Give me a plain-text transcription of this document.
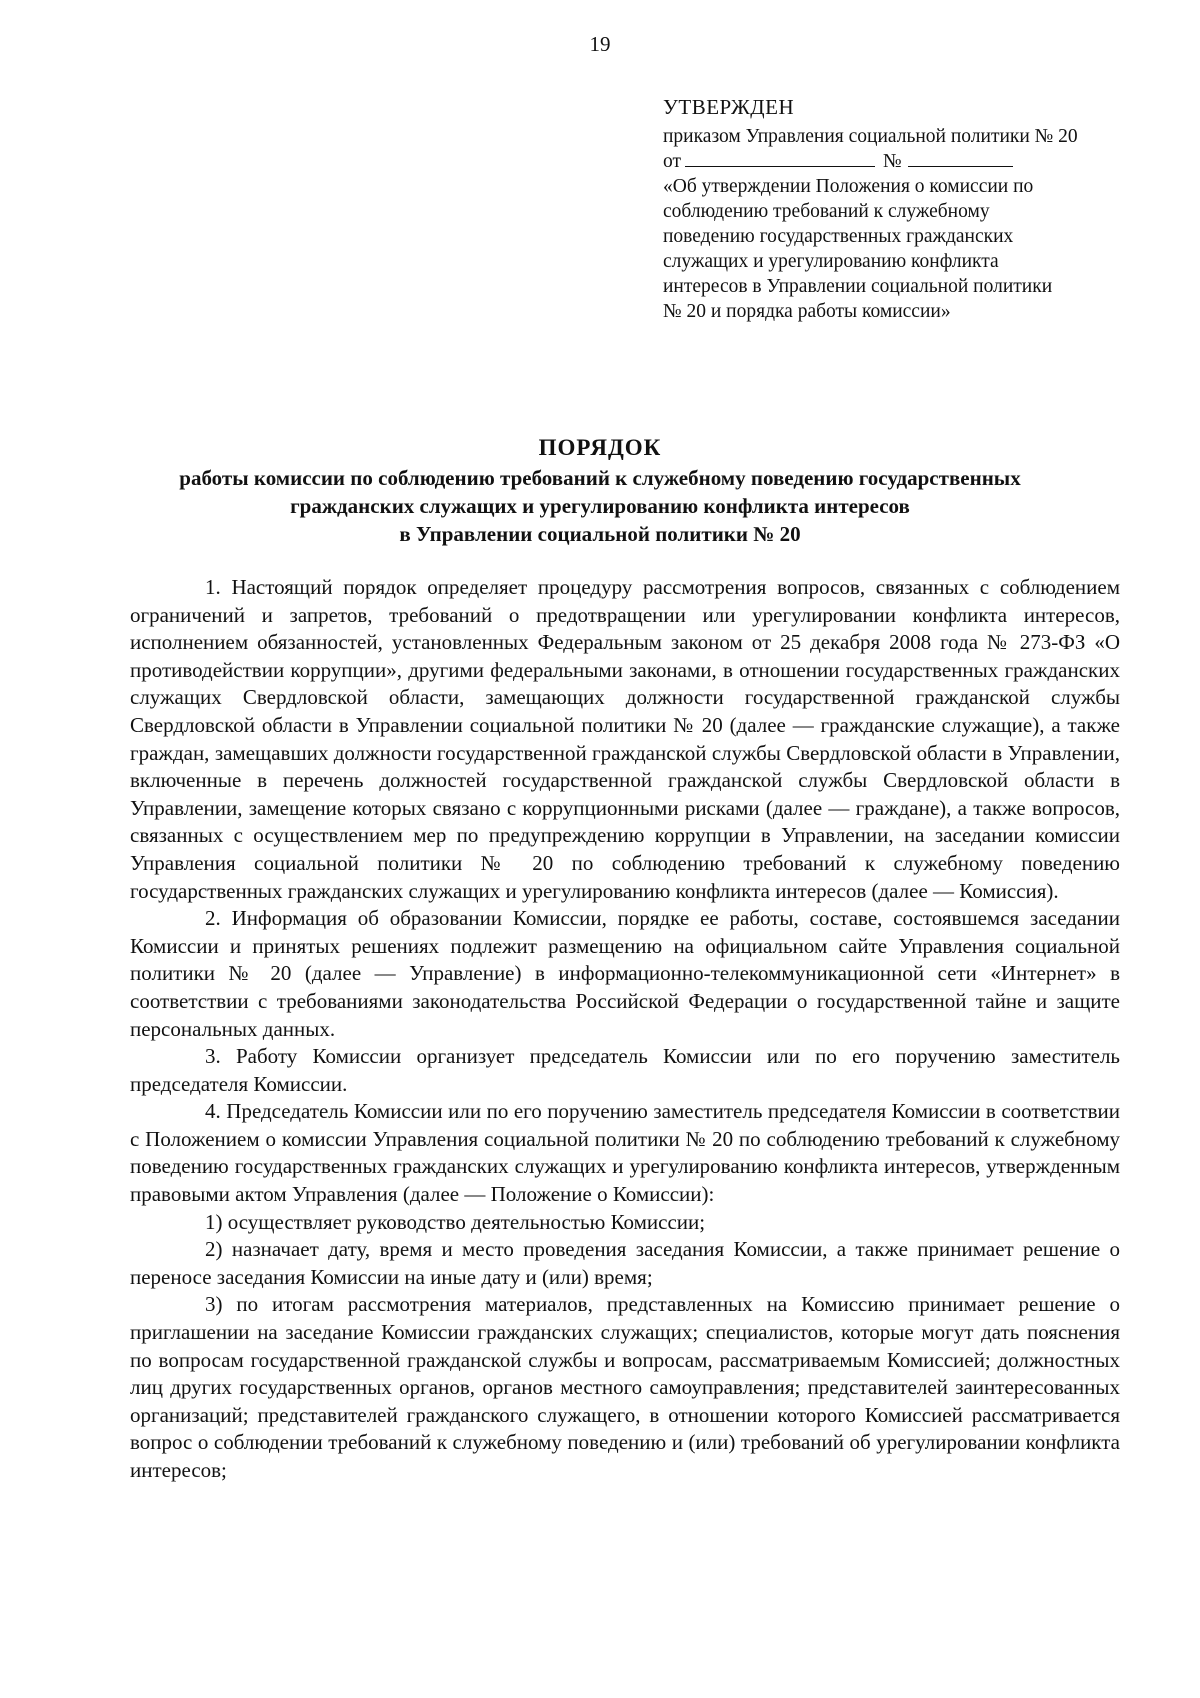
19
УТВЕРЖДЕН
приказом Управления социальной политики № 20
от	№
«Об утверждении Положения о комиссии по
соблюдению требований к служебному
поведению государственных гражданских
служащих и урегулированию конфликта
интересов в Управлении социальной политики
№ 20 и порядка работы комиссии»
ПОРЯДОК
работы комиссии по соблюдению требований к служебному поведению государственных
гражданских служащих и урегулированию конфликта интересов
в Управлении социальной политики № 20

1. Настоящий порядок определяет процедуру рассмотрения вопросов, связанных с соблюдением ограничений и запретов, требований о предотвращении или урегулировании конфликта интересов, исполнением обязанностей, установленных Федеральным законом от 25 декабря 2008 года № 273-ФЗ «О противодействии коррупции», другими федеральными законами, в отношении государственных гражданских служащих Свердловской области, замещающих должности государственной гражданской службы Свердловской области в Управлении социальной политики № 20 (далее — гражданские служащие), а также граждан, замещавших должности государственной гражданской службы Свердловской области в Управлении, включенные в перечень должностей государственной гражданской службы Свердловской области в Управлении, замещение которых связано с коррупционными рисками (далее — граждане), а также вопросов, связанных с осуществлением мер по предупреждению коррупции в Управлении, на заседании комиссии Управления социальной политики № 20 по соблюдению требований к служебному поведению государственных гражданских служащих и урегулированию конфликта интересов (далее — Комиссия).

2. Информация об образовании Комиссии, порядке ее работы, составе, состоявшемся заседании Комиссии и принятых решениях подлежит размещению на официальном сайте Управления социальной политики № 20 (далее — Управление) в информационно-телекоммуникационной сети «Интернет» в соответствии с требованиями законодательства Российской Федерации о государственной тайне и защите персональных данных.

3. Работу Комиссии организует председатель Комиссии или по его поручению заместитель председателя Комиссии.

4. Председатель Комиссии или по его поручению заместитель председателя Комиссии в соответствии с Положением о комиссии Управления социальной политики № 20 по соблюдению требований к служебному поведению государственных гражданских служащих и урегулированию конфликта интересов, утвержденным правовыми актом Управления (далее — Положение о Комиссии):

1) осуществляет руководство деятельностью Комиссии;

2) назначает дату, время и место проведения заседания Комиссии, а также принимает решение о переносе заседания Комиссии на иные дату и (или) время;

3) по итогам рассмотрения материалов, представленных на Комиссию принимает решение о приглашении на заседание Комиссии гражданских служащих; специалистов, которые могут дать пояснения по вопросам государственной гражданской службы и вопросам, рассматриваемым Комиссией; должностных лиц других государственных органов, органов местного самоуправления; представителей заинтересованных организаций; представителей гражданского служащего, в отношении которого Комиссией рассматривается вопрос о соблюдении требований к служебному поведению и (или) требований об урегулировании конфликта интересов;
